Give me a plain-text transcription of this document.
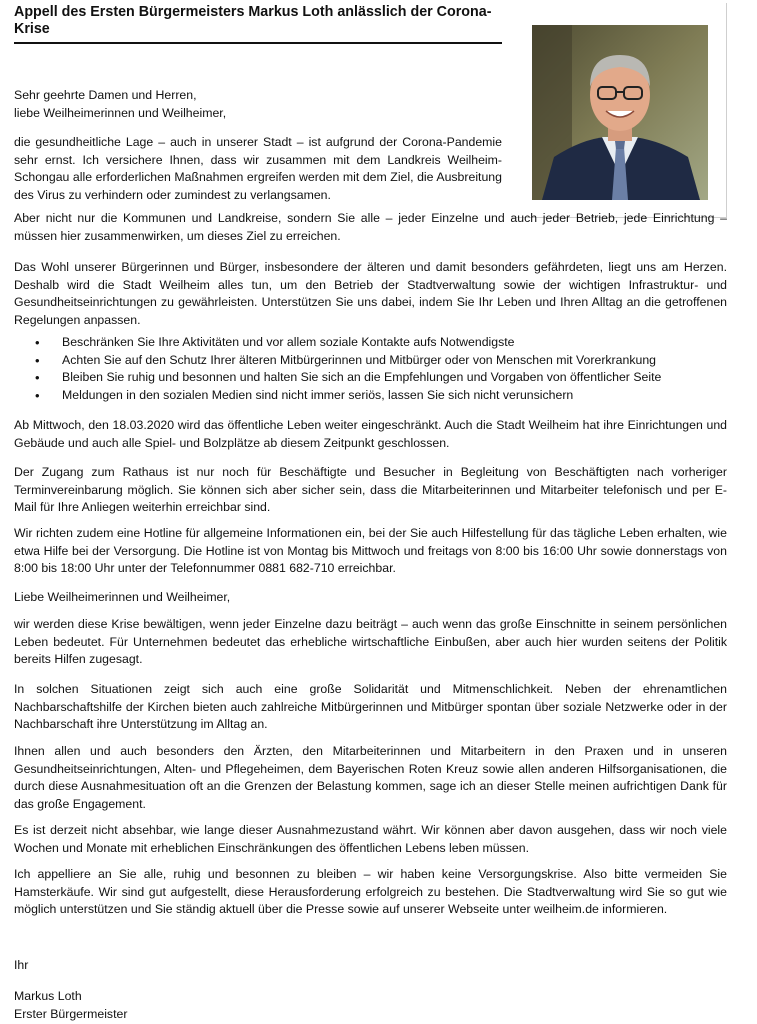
Appell des Ersten Bürgermeisters Markus Loth anlässlich der Corona-Krise
Sehr geehrte Damen und Herren,
liebe Weilheimerinnen und Weilheimer,
die gesundheitliche Lage – auch in unserer Stadt – ist aufgrund der Corona-Pandemie sehr ernst. Ich versichere Ihnen, dass wir zusammen mit dem Landkreis Weilheim-Schongau alle erforderlichen Maßnahmen ergreifen werden mit dem Ziel, die Ausbreitung des Virus zu verhindern oder zumindest zu verlangsamen.
Aber nicht nur die Kommunen und Landkreise, sondern Sie alle – jeder Einzelne und auch jeder Betrieb, jede Einrichtung – müssen hier zusammenwirken, um dieses Ziel zu erreichen.
Das Wohl unserer Bürgerinnen und Bürger, insbesondere der älteren und damit besonders gefährdeten, liegt uns am Herzen. Deshalb wird die Stadt Weilheim alles tun, um den Betrieb der Stadtverwaltung sowie der wichtigen Infrastruktur- und Gesundheitseinrichtungen zu gewährleisten. Unterstützen Sie uns dabei, indem Sie Ihr Leben und Ihren Alltag an die getroffenen Regelungen anpassen.
• Beschränken Sie Ihre Aktivitäten und vor allem soziale Kontakte aufs Notwendigste
• Achten Sie auf den Schutz Ihrer älteren Mitbürgerinnen und Mitbürger oder von Menschen mit Vorerkrankung
• Bleiben Sie ruhig und besonnen und halten Sie sich an die Empfehlungen und Vorgaben von öffentlicher Seite
• Meldungen in den sozialen Medien sind nicht immer seriös, lassen Sie sich nicht verunsichern
Ab Mittwoch, den 18.03.2020 wird das öffentliche Leben weiter eingeschränkt. Auch die Stadt Weilheim hat ihre Einrichtungen und Gebäude und auch alle Spiel- und Bolzplätze ab diesem Zeitpunkt geschlossen.
Der Zugang zum Rathaus ist nur noch für Beschäftigte und Besucher in Begleitung von Beschäftigten nach vorheriger Terminvereinbarung möglich. Sie können sich aber sicher sein, dass die Mitarbeiterinnen und Mitarbeiter telefonisch und per E-Mail für Ihre Anliegen weiterhin erreichbar sind.
Wir richten zudem eine Hotline für allgemeine Informationen ein, bei der Sie auch Hilfestellung für das tägliche Leben erhalten, wie etwa Hilfe bei der Versorgung. Die Hotline ist von Montag bis Mittwoch und freitags von 8:00 bis 16:00 Uhr sowie donnerstags von 8:00 bis 18:00 Uhr unter der Telefonnummer 0881 682-710 erreichbar.
Liebe Weilheimerinnen und Weilheimer,
wir werden diese Krise bewältigen, wenn jeder Einzelne dazu beiträgt – auch wenn das große Einschnitte in seinem persönlichen Leben bedeutet. Für Unternehmen bedeutet das erhebliche wirtschaftliche Einbußen, aber auch hier wurden seitens der Politik bereits Hilfen zugesagt.
In solchen Situationen zeigt sich auch eine große Solidarität und Mitmenschlichkeit. Neben der ehrenamtlichen Nachbarschaftshilfe der Kirchen bieten auch zahlreiche Mitbürgerinnen und Mitbürger spontan über soziale Netzwerke oder in der Nachbarschaft ihre Unterstützung im Alltag an.
Ihnen allen und auch besonders den Ärzten, den Mitarbeiterinnen und Mitarbeitern in den Praxen und in unseren Gesundheitseinrichtungen, Alten- und Pflegeheimen, dem Bayerischen Roten Kreuz sowie allen anderen Hilfsorganisationen, die durch diese Ausnahmesituation oft an die Grenzen der Belastung kommen, sage ich an dieser Stelle meinen aufrichtigen Dank für das große Engagement.
Es ist derzeit nicht absehbar, wie lange dieser Ausnahmezustand währt. Wir können aber davon ausgehen, dass wir noch viele Wochen und Monate mit erheblichen Einschränkungen des öffentlichen Lebens leben müssen.
Ich appelliere an Sie alle, ruhig und besonnen zu bleiben – wir haben keine Versorgungskrise. Also bitte vermeiden Sie Hamsterkäufe. Wir sind gut aufgestellt, diese Herausforderung erfolgreich zu bestehen. Die Stadtverwaltung wird Sie so gut wie möglich unterstützen und Sie ständig aktuell über die Presse sowie auf unserer Webseite unter weilheim.de informieren.
Ihr
Markus Loth
Erster Bürgermeister
